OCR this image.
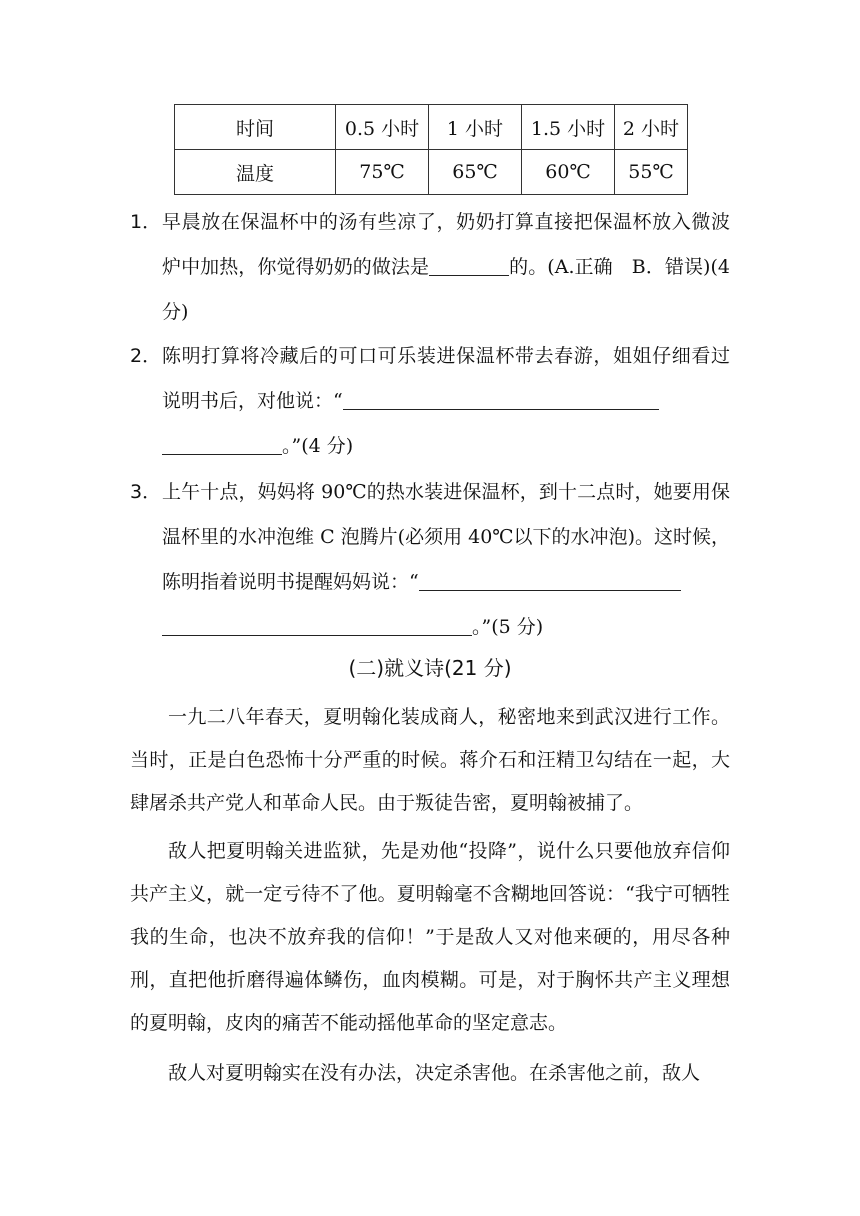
时间	0.5 小时	1 小时	1.5 小时	2 小时
温度	75℃	65℃	60℃	55℃
1． 早晨放在保温杯中的汤有些凉了，奶奶打算直接把保温杯放入微波炉中加热，你觉得奶奶的做法是	的。(A.正确　B．错误)(4 分)
2． 陈明打算将冷藏后的可口可乐装进保温杯带去春游，姐姐仔细看过说明书后，对他说：“
。”(4 分)
3． 上午十点，妈妈将 90℃的热水装进保温杯，到十二点时，她要用保温杯里的水冲泡维 C 泡腾片(必须用 40℃以下的水冲泡)。这时候，陈明指着说明书提醒妈妈说：“
。”(5 分)
(二)就义诗(21 分)
一九二八年春天，夏明翰化装成商人，秘密地来到武汉进行工作。当时，正是白色恐怖十分严重的时候。蒋介石和汪精卫勾结在一起，大肆屠杀共产党人和革命人民。由于叛徒告密，夏明翰被捕了。
敌人把夏明翰关进监狱，先是劝他“投降”，说什么只要他放弃信仰共产主义，就一定亏待不了他。夏明翰毫不含糊地回答说：“我宁可牺牲我的生命，也决不放弃我的信仰！”于是敌人又对他来硬的，用尽各种刑，直把他折磨得遍体鳞伤，血肉模糊。可是，对于胸怀共产主义理想的夏明翰，皮肉的痛苦不能动摇他革命的坚定意志。
敌人对夏明翰实在没有办法，决定杀害他。在杀害他之前，敌人
